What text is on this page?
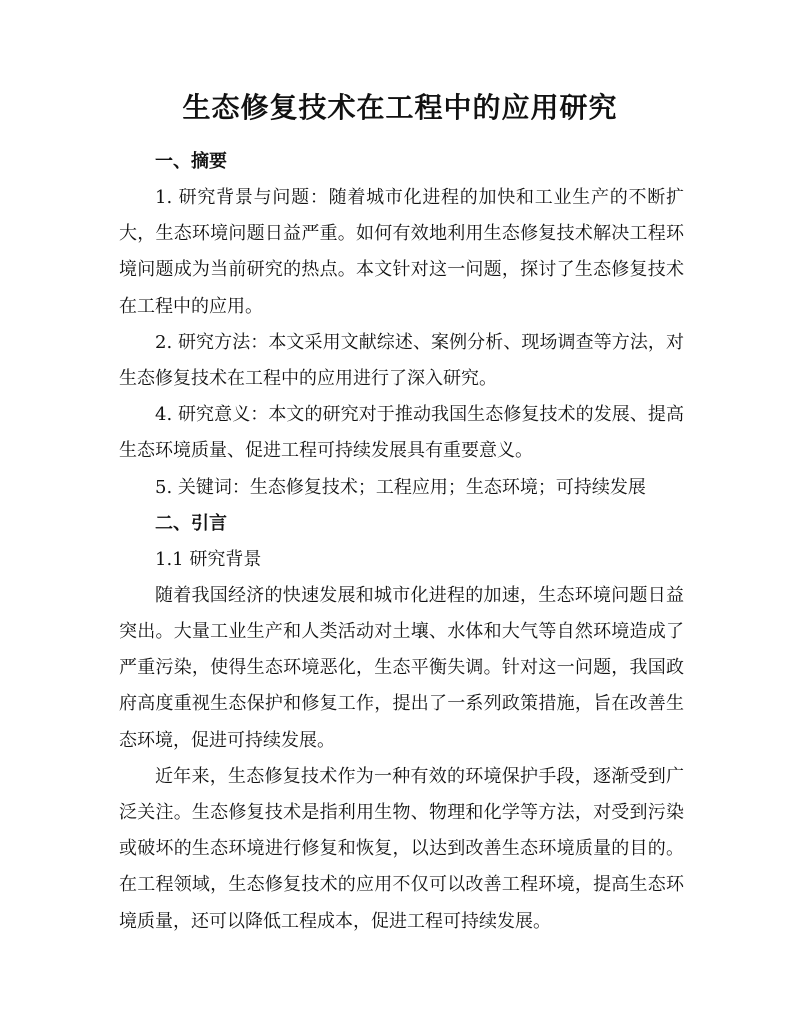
生态修复技术在工程中的应用研究

一、摘要

1. 研究背景与问题：随着城市化进程的加快和工业生产的不断扩大，生态环境问题日益严重。如何有效地利用生态修复技术解决工程环境问题成为当前研究的热点。本文针对这一问题，探讨了生态修复技术在工程中的应用。

2. 研究方法：本文采用文献综述、案例分析、现场调查等方法，对生态修复技术在工程中的应用进行了深入研究。

4. 研究意义：本文的研究对于推动我国生态修复技术的发展、提高生态环境质量、促进工程可持续发展具有重要意义。

5. 关键词：生态修复技术；工程应用；生态环境；可持续发展

二、引言

1.1 研究背景

随着我国经济的快速发展和城市化进程的加速，生态环境问题日益突出。大量工业生产和人类活动对土壤、水体和大气等自然环境造成了严重污染，使得生态环境恶化，生态平衡失调。针对这一问题，我国政府高度重视生态保护和修复工作，提出了一系列政策措施，旨在改善生态环境，促进可持续发展。

近年来，生态修复技术作为一种有效的环境保护手段，逐渐受到广泛关注。生态修复技术是指利用生物、物理和化学等方法，对受到污染或破坏的生态环境进行修复和恢复，以达到改善生态环境质量的目的。在工程领域，生态修复技术的应用不仅可以改善工程环境，提高生态环境质量，还可以降低工程成本，促进工程可持续发展。
